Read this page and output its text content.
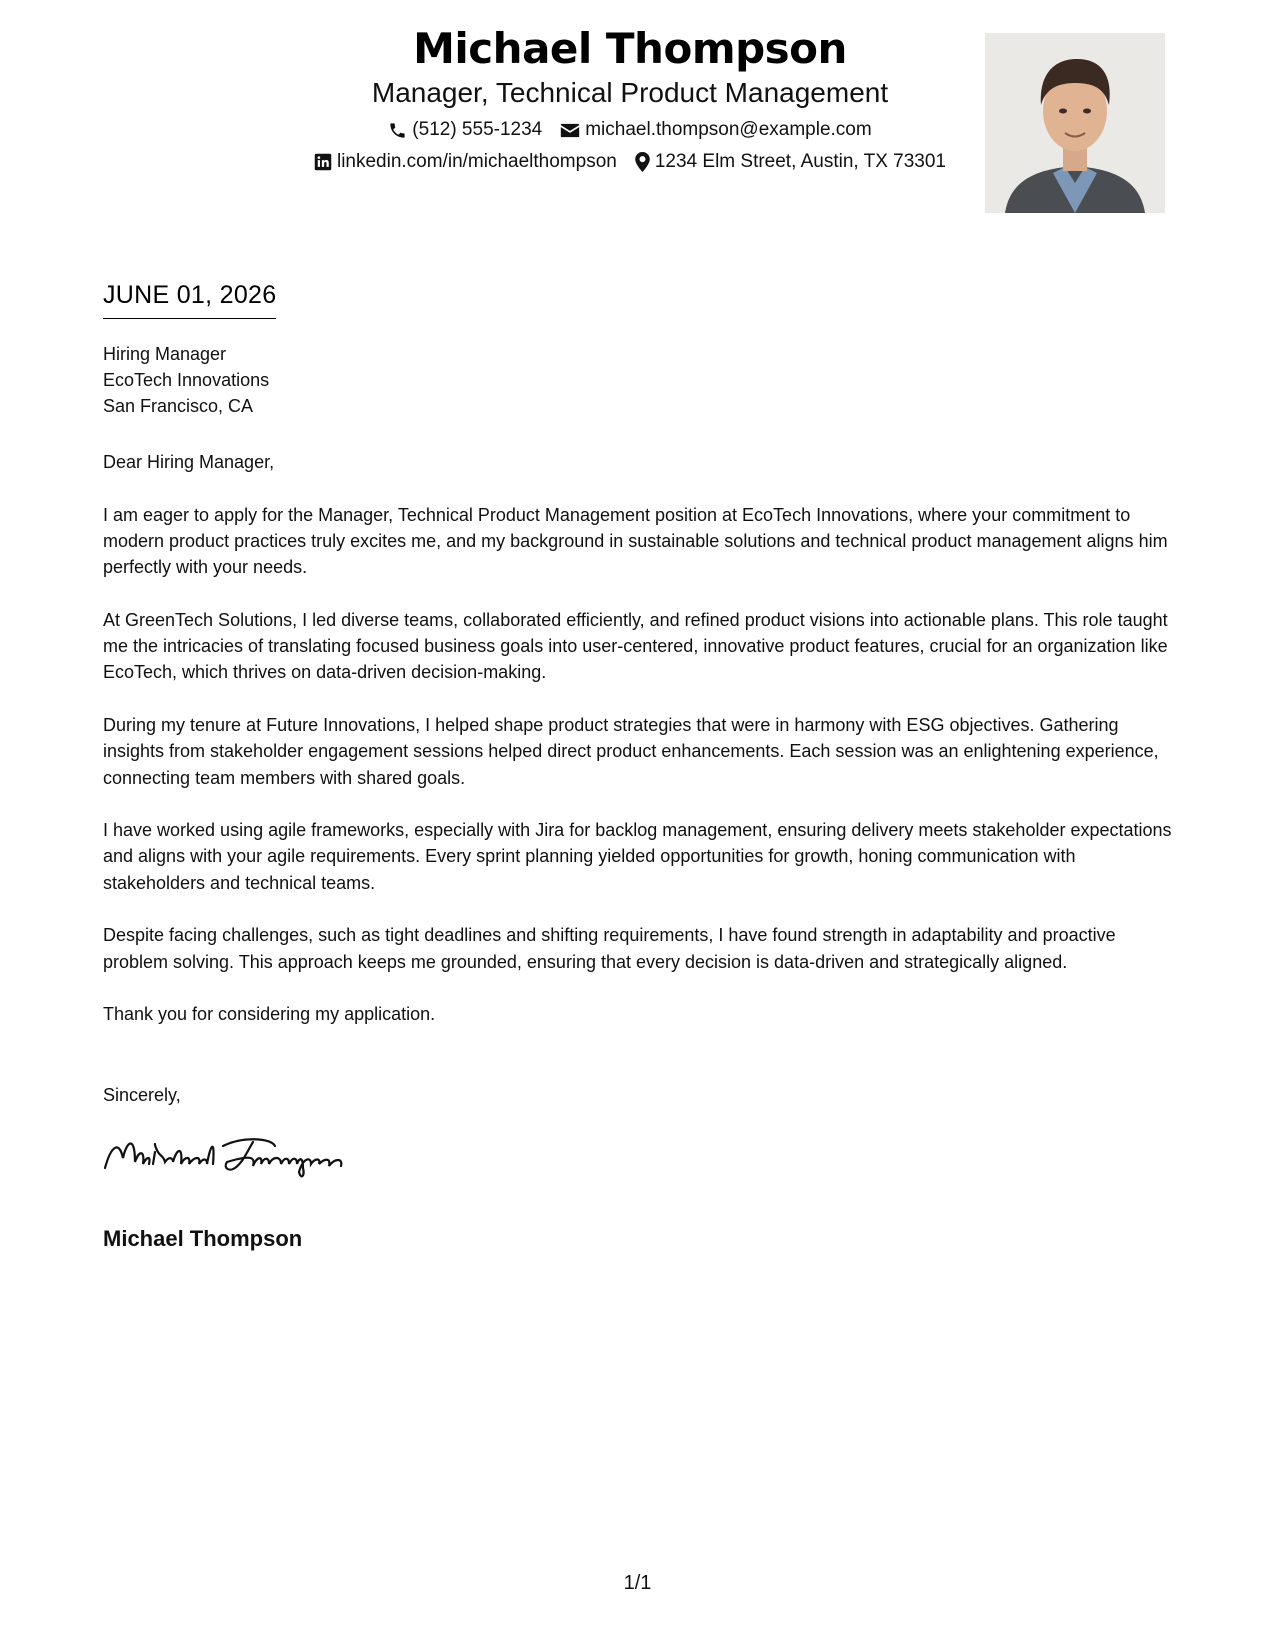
Michael Thompson
Manager, Technical Product Management
(512) 555-1234 michael.thompson@example.com
linkedin.com/in/michaelthompson 1234 Elm Street, Austin, TX 73301
JUNE 01, 2026
Hiring Manager
EcoTech Innovations
San Francisco, CA

Dear Hiring Manager,

I am eager to apply for the Manager, Technical Product Management position at EcoTech Innovations, where your commitment to modern product practices truly excites me, and my background in sustainable solutions and technical product management aligns him perfectly with your needs.

At GreenTech Solutions, I led diverse teams, collaborated efficiently, and refined product visions into actionable plans. This role taught me the intricacies of translating focused business goals into user-centered, innovative product features, crucial for an organization like EcoTech, which thrives on data-driven decision-making.

During my tenure at Future Innovations, I helped shape product strategies that were in harmony with ESG objectives. Gathering insights from stakeholder engagement sessions helped direct product enhancements. Each session was an enlightening experience, connecting team members with shared goals.

I have worked using agile frameworks, especially with Jira for backlog management, ensuring delivery meets stakeholder expectations and aligns with your agile requirements. Every sprint planning yielded opportunities for growth, honing communication with stakeholders and technical teams.

Despite facing challenges, such as tight deadlines and shifting requirements, I have found strength in adaptability and proactive problem solving. This approach keeps me grounded, ensuring that every decision is data-driven and strategically aligned.

Thank you for considering my application.

Sincerely,
Michael Thompson
1/1
